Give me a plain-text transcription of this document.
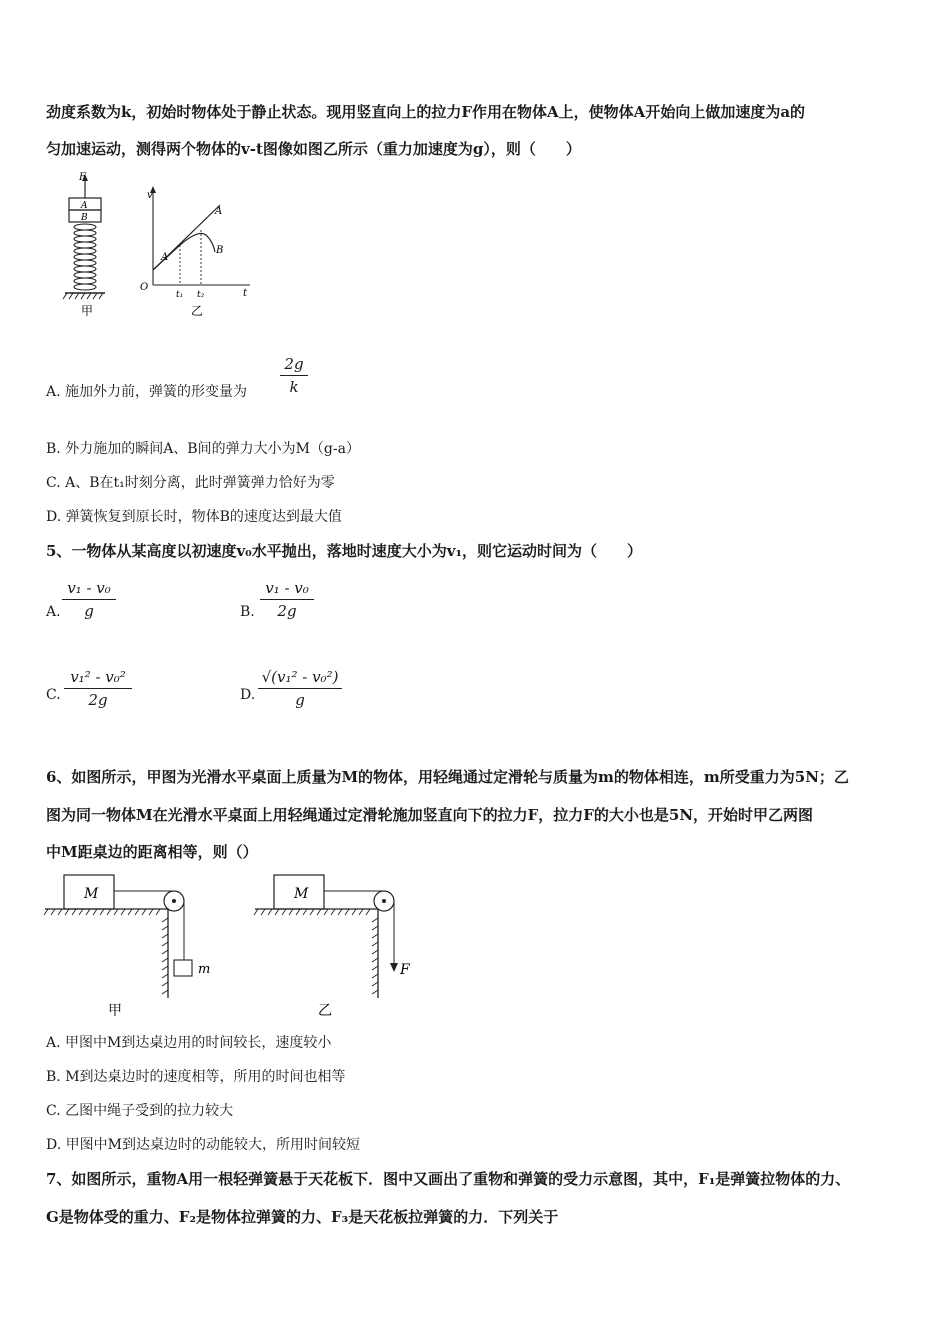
劲度系数为k，初始时物体处于静止状态。现用竖直向上的拉力F作用在物体A上，使物体A开始向上做加速度为a的
匀加速运动，测得两个物体的v-t图像如图乙所示（重力加速度为g），则（　　）
F
A
B
甲
v
O
t
A
B
A
t₁ t₂
乙
A. 施加外力前，弹簧的形变量为
2g
k
B. 外力施加的瞬间A、B间的弹力大小为M（g-a）
C. A、B在t₁时刻分离，此时弹簧弹力恰好为零
D. 弹簧恢复到原长时，物体B的速度达到最大值
5、一物体从某高度以初速度v₀水平抛出，落地时速度大小为v₁，则它运动时间为（　　）
A.
v₁ - v₀
g	B.
v₁ - v₀
2g
C.
v₁² - v₀²
2g	D.
√(v₁² - v₀²)
g
6、如图所示，甲图为光滑水平桌面上质量为M的物体，用轻绳通过定滑轮与质量为m的物体相连，m所受重力为5N；乙
图为同一物体M在光滑水平桌面上用轻绳通过定滑轮施加竖直向下的拉力F，拉力F的大小也是5N，开始时甲乙两图
中M距桌边的距离相等，则（）
M
m
甲
M
F
乙
A. 甲图中M到达桌边用的时间较长，速度较小
B. M到达桌边时的速度相等，所用的时间也相等
C. 乙图中绳子受到的拉力较大
D. 甲图中M到达桌边时的动能较大，所用时间较短
7、如图所示，重物A用一根轻弹簧悬于天花板下．图中又画出了重物和弹簧的受力示意图，其中，F₁是弹簧拉物体的力、
G是物体受的重力、F₂是物体拉弹簧的力、F₃是天花板拉弹簧的力．下列关于
